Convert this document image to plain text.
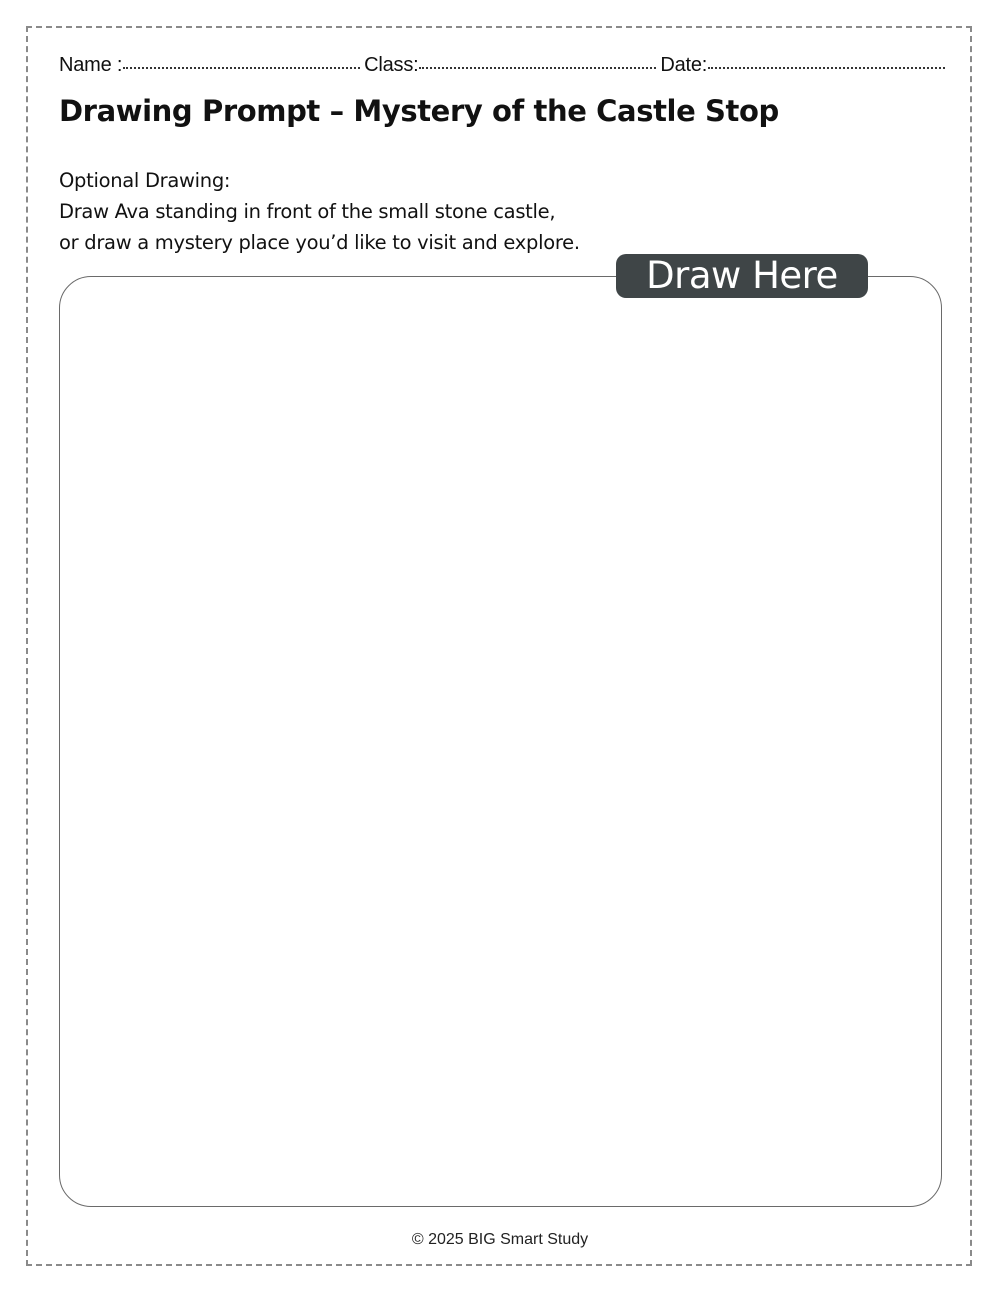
Name :	Class:	Date:
Drawing Prompt – Mystery of the Castle Stop
Optional Drawing:
Draw Ava standing in front of the small stone castle,
or draw a mystery place you’d like to visit and explore.
Draw Here
© 2025 BIG Smart Study
